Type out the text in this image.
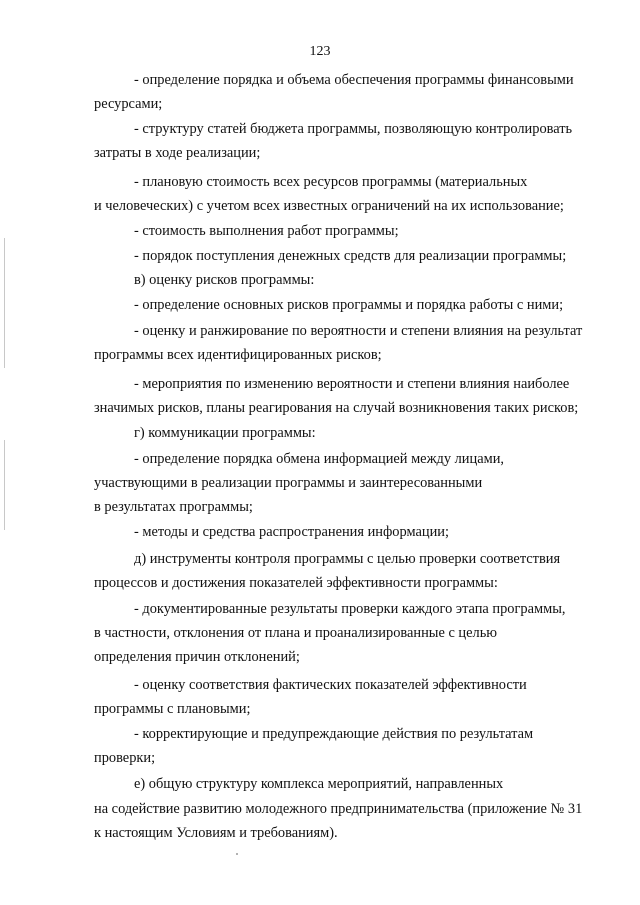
123
- определение порядка и объема обеспечения программы финансовыми
ресурсами;
- структуру статей бюджета программы, позволяющую контролировать
затраты в ходе реализации;
- плановую стоимость всех ресурсов программы (материальных
и человеческих) с учетом всех известных ограничений на их использование;
- стоимость выполнения работ программы;
- порядок поступления денежных средств для реализации программы;
в) оценку рисков программы:
- определение основных рисков программы и порядка работы с ними;
- оценку и ранжирование по вероятности и степени влияния на результат
программы всех идентифицированных рисков;
- мероприятия по изменению вероятности и степени влияния наиболее
значимых рисков, планы реагирования на случай возникновения таких рисков;
г) коммуникации программы:
- определение порядка обмена информацией между лицами,
участвующими в реализации программы и заинтересованными
в результатах программы;
- методы и средства распространения информации;
д) инструменты контроля программы с целью проверки соответствия
процессов и достижения показателей эффективности программы:
- документированные результаты проверки каждого этапа программы,
в частности, отклонения от плана и проанализированные с целью
определения причин отклонений;
- оценку соответствия фактических показателей эффективности
программы с плановыми;
- корректирующие и предупреждающие действия по результатам
проверки;
е) общую структуру комплекса мероприятий, направленных
на содействие развитию молодежного предпринимательства (приложение № 31
к настоящим Условиям и требованиям).
